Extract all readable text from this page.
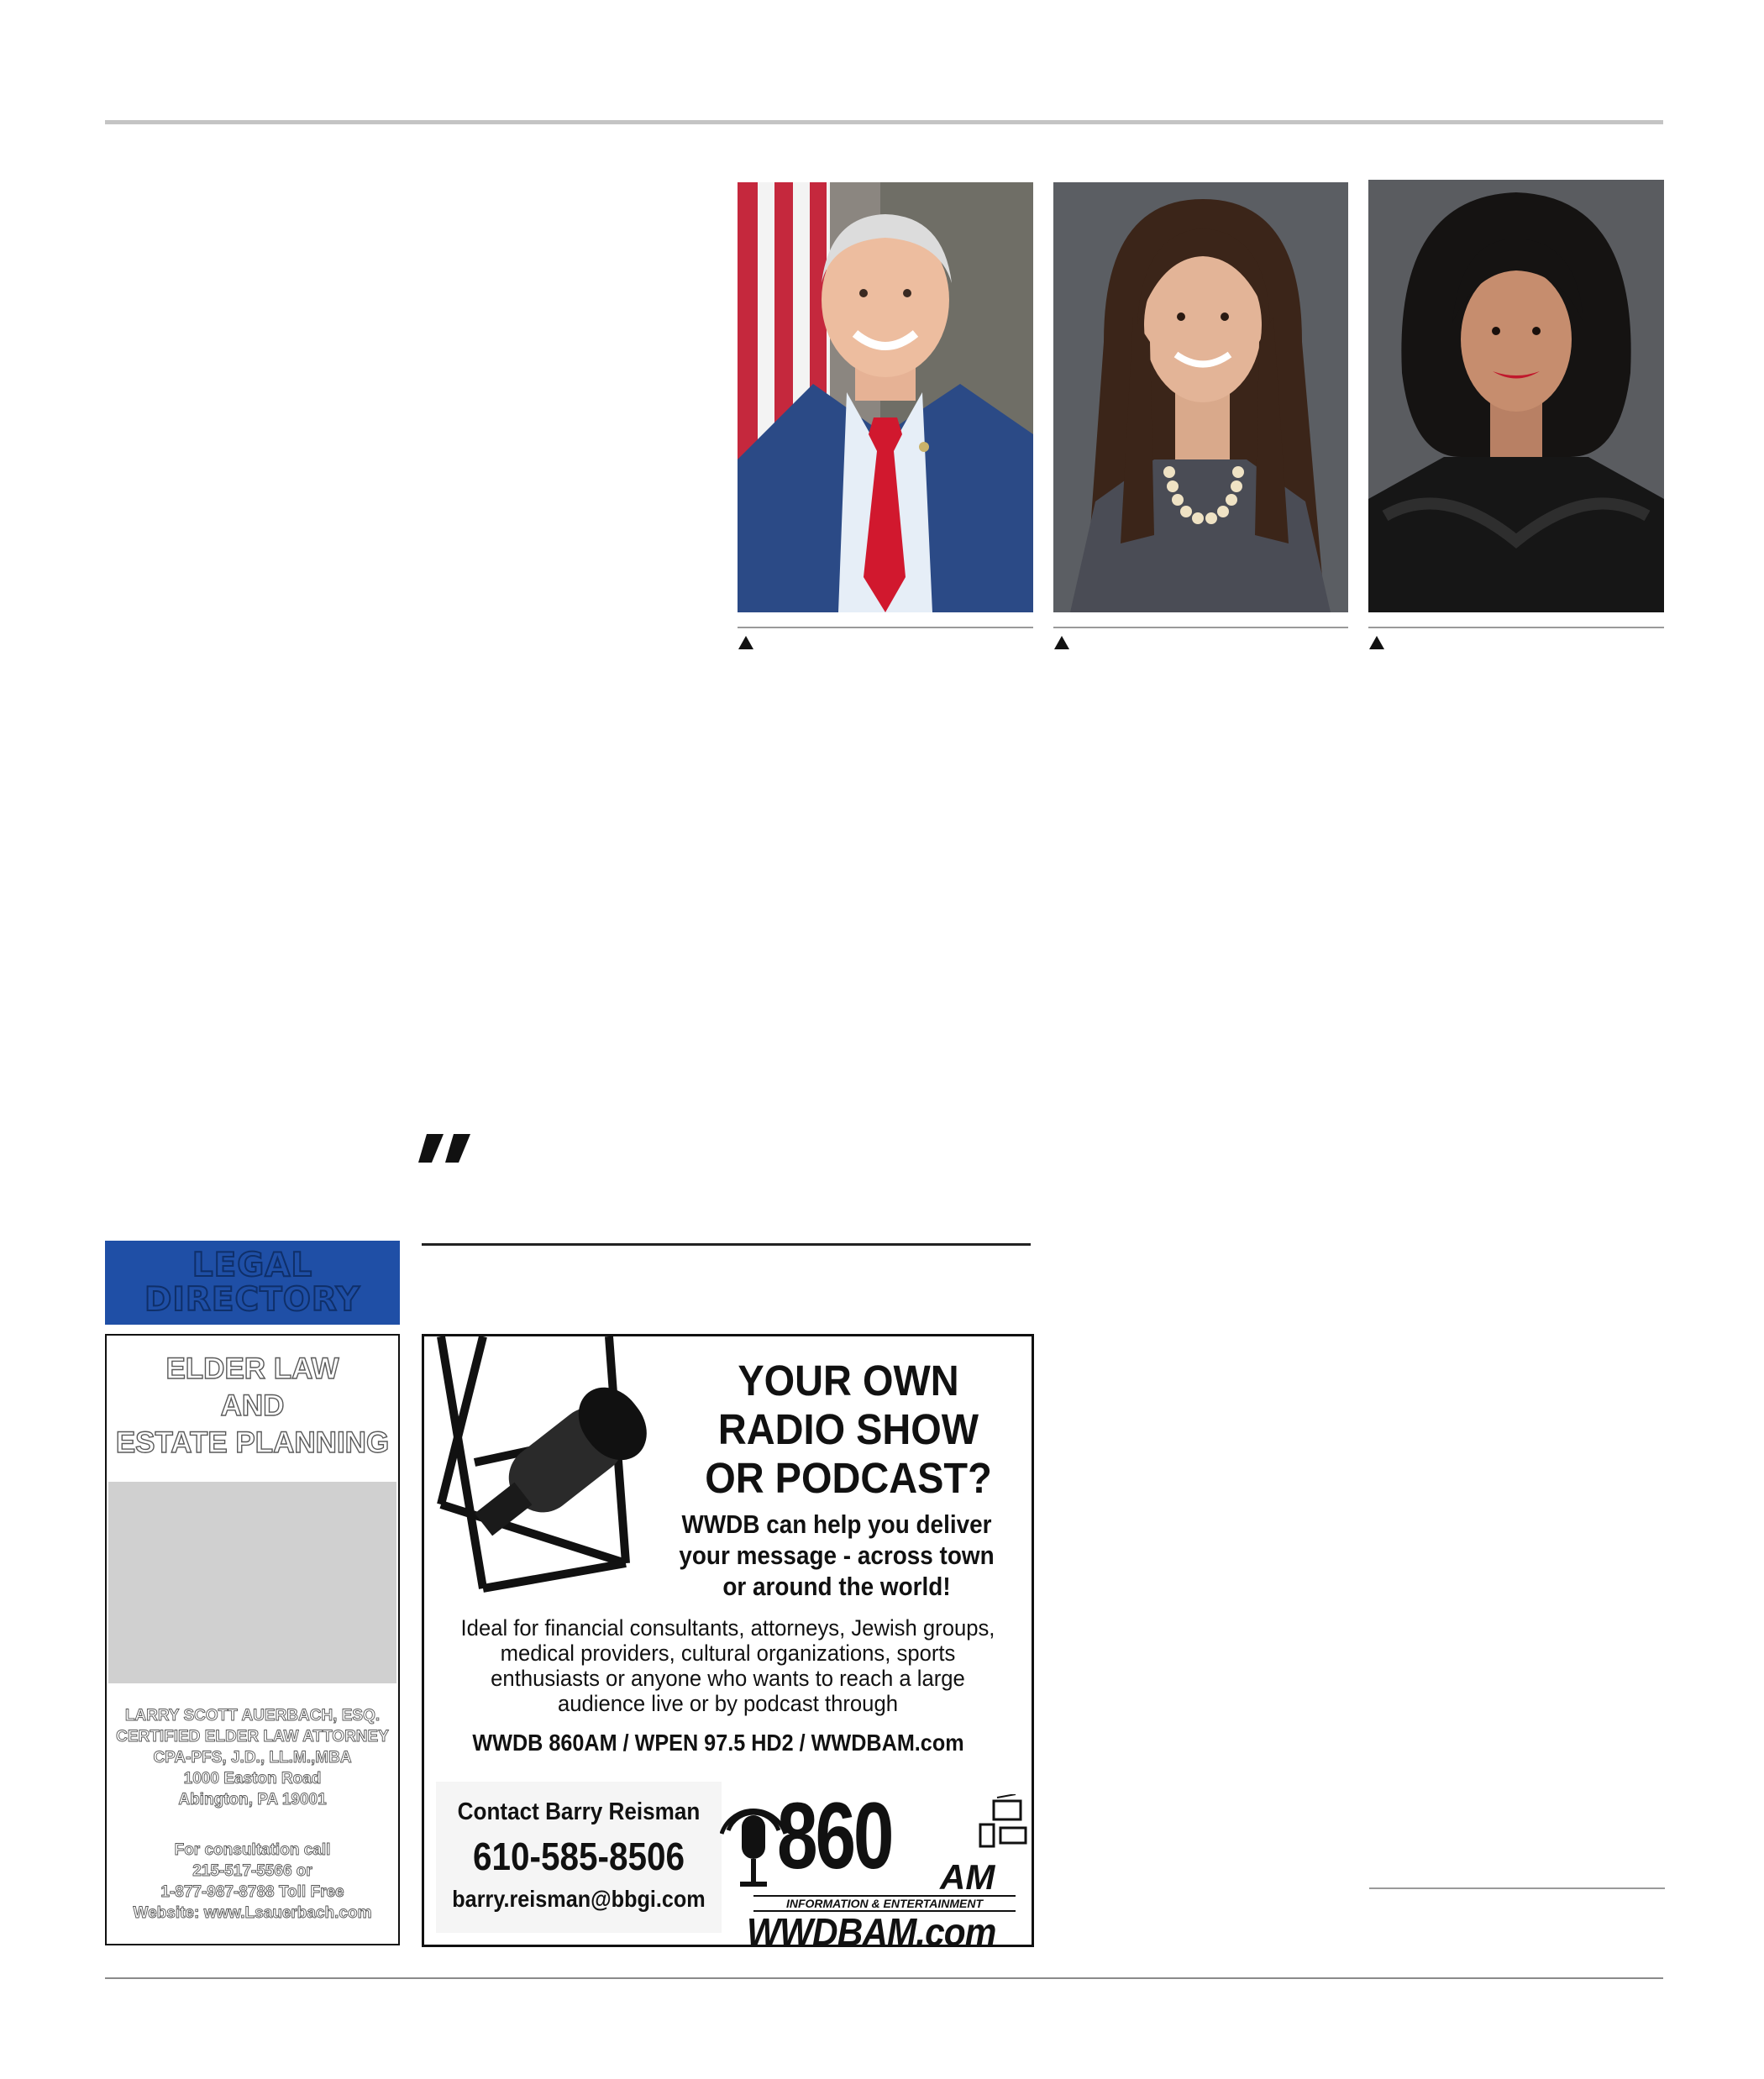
LEGAL
DIRECTORY
ELDER LAW
AND
ESTATE PLANNING
LARRY SCOTT AUERBACH, ESQ.
CERTIFIED ELDER LAW ATTORNEY
CPA-PFS, J.D., LL.M.,MBA
1000 Easton Road
Abington, PA 19001
For consultation call
215-517-5566 or
1-877-987-8788 Toll Free
Website: www.Lsauerbach.com
YOUR OWN
RADIO SHOW
OR PODCAST?
WWDB can help you deliver
your message - across town
or around the world!
Ideal for financial consultants, attorneys, Jewish groups,
medical providers, cultural organizations, sports
enthusiasts or anyone who wants to reach a large
audience live or by podcast through
WWDB 860AM / WPEN 97.5 HD2 / WWDBAM.com
Contact Barry Reisman
610-585-8506
barry.reisman@bbgi.com
860 AM
INFORMATION & ENTERTAINMENT
WWDBAM.com
